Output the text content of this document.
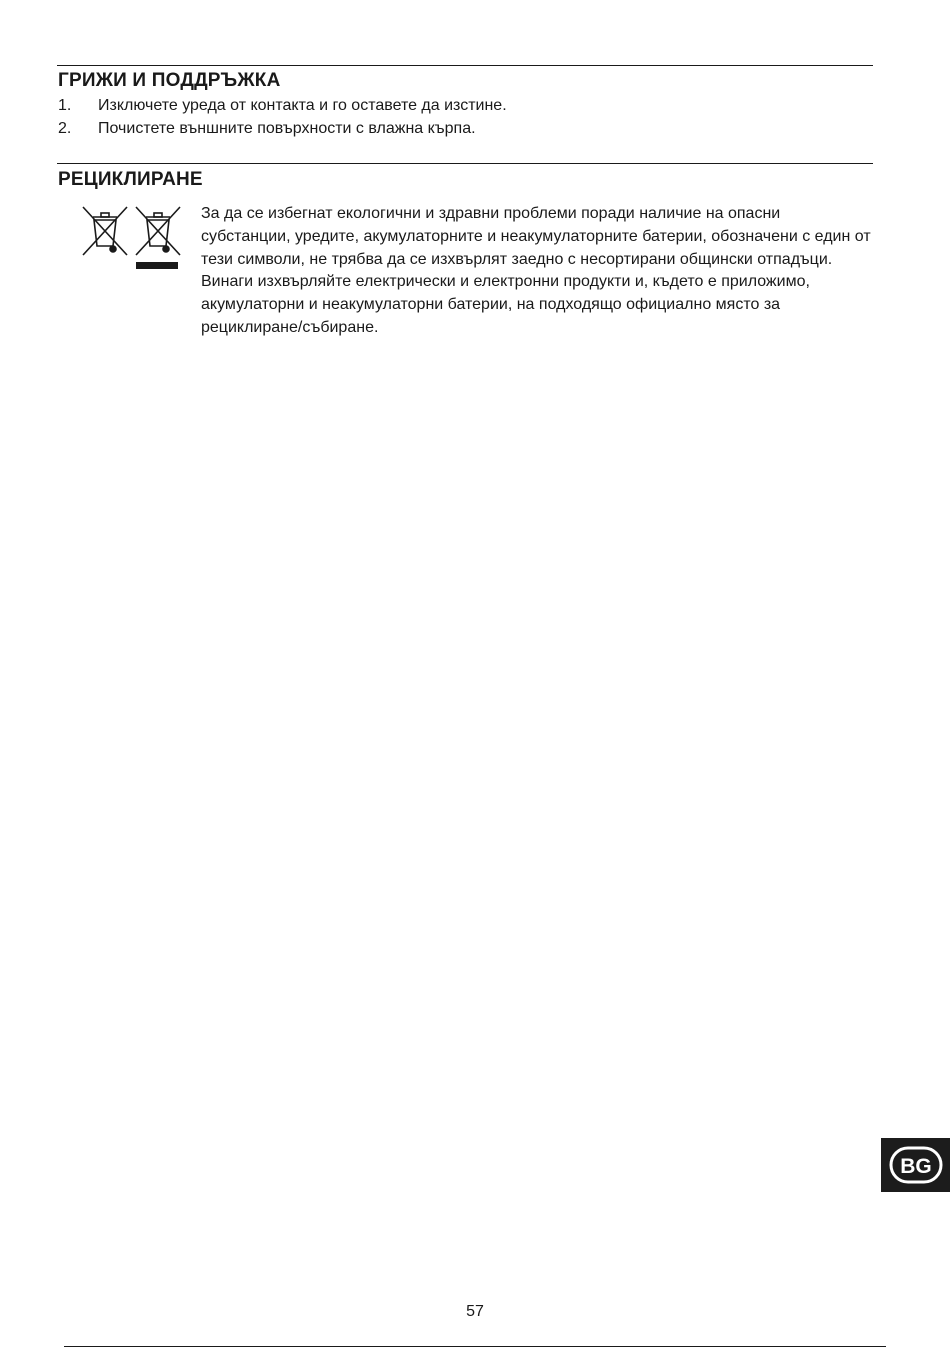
ГРИЖИ И ПОДДРЪЖКА
1. Изключете уреда от контакта и го оставете да изстине.
2. Почистете външните повърхности с влажна кърпа.
РЕЦИКЛИРАНЕ

За да се избегнат екологични и здравни проблеми поради наличие на опасни субстанции, уредите, акумулаторните и неакумулаторните батерии, обозначени с един от тези символи, не трябва да се изхвърлят заедно с несортирани общински отпадъци. Винаги изхвърляйте електрически и електронни продукти и, където е приложимо, акумулаторни и неакумулаторни батерии, на подходящо официално място за рециклиране/събиране.

BG
57
